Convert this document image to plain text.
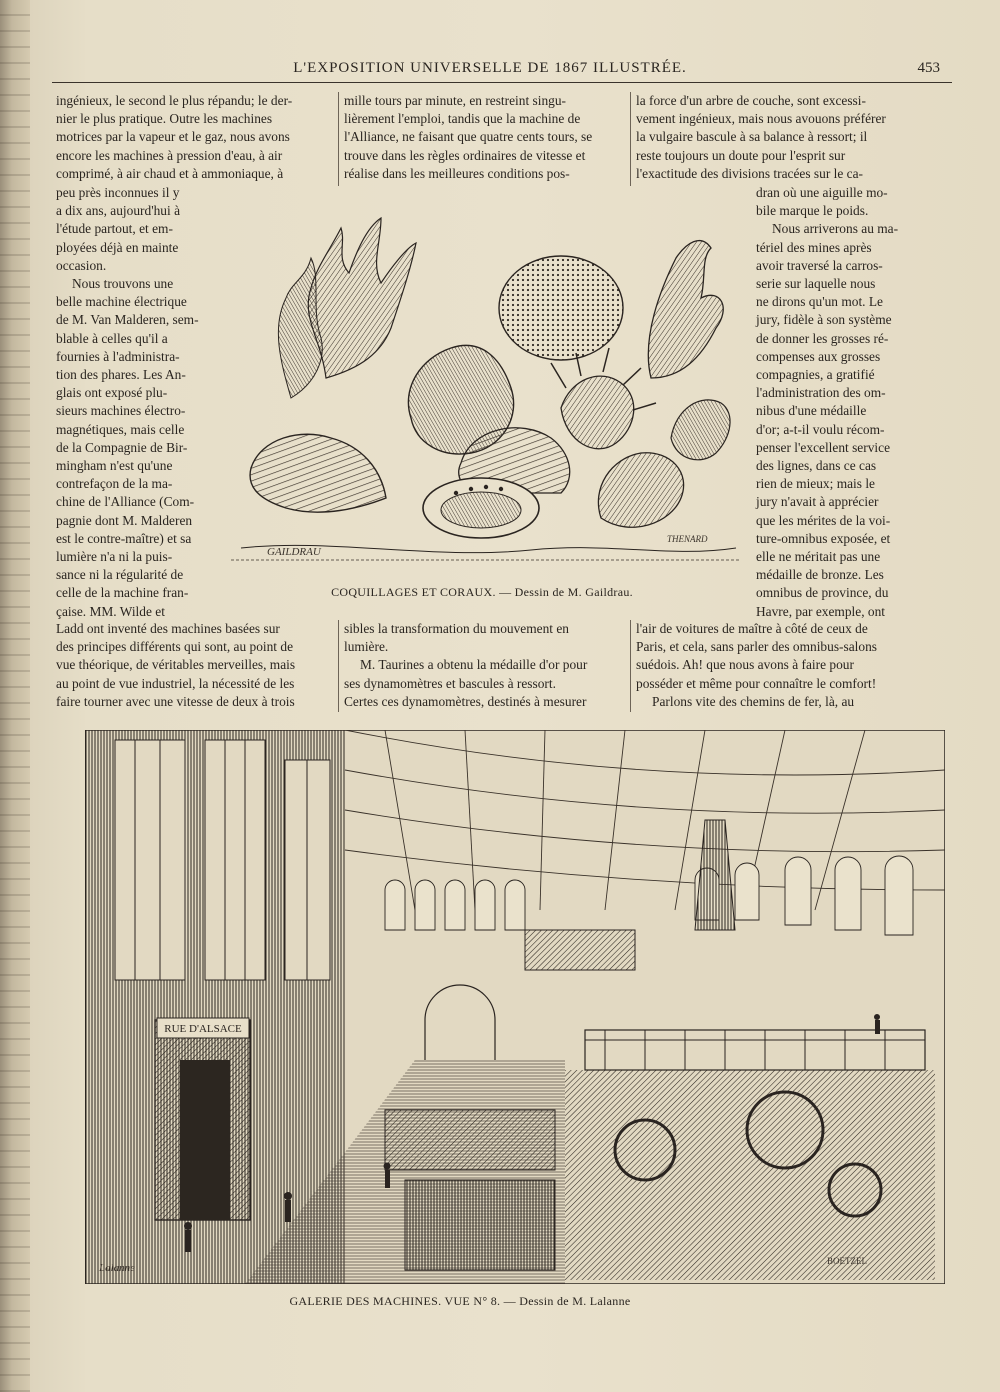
L'EXPOSITION UNIVERSELLE DE 1867 ILLUSTRÉE.	453

ingénieux, le second le plus répandu; le der-

nier le plus pratique. Outre les machines

motrices par la vapeur et le gaz, nous avons

encore les machines à pression d'eau, à air

comprimé, à air chaud et à ammoniaque, à

peu près inconnues il y

a dix ans, aujourd'hui à

l'étude partout, et em-

ployées déjà en mainte

occasion.

Nous trouvons une

belle machine électrique

de M. Van Malderen, sem-

blable à celles qu'il a

fournies à l'administra-

tion des phares. Les An-

glais ont exposé plu-

sieurs machines électro-

magnétiques, mais celle

de la Compagnie de Bir-

mingham n'est qu'une

contrefaçon de la ma-

chine de l'Alliance (Com-

pagnie dont M. Malderen

est le contre-maître) et sa

lumière n'a ni la puis-

sance ni la régularité de

celle de la machine fran-

çaise. MM. Wilde et

Ladd ont inventé des machines basées sur

des principes différents qui sont, au point de

vue théorique, de véritables merveilles, mais

au point de vue industriel, la nécessité de les

faire tourner avec une vitesse de deux à trois

mille tours par minute, en restreint singu-

lièrement l'emploi, tandis que la machine de

l'Alliance, ne faisant que quatre cents tours, se

trouve dans les règles ordinaires de vitesse et

réalise dans les meilleures conditions pos-

sibles la transformation du mouvement en

lumière.

M. Taurines a obtenu la médaille d'or pour

ses dynamomètres et bascules à ressort.

Certes ces dynamomètres, destinés à mesurer

la force d'un arbre de couche, sont excessi-

vement ingénieux, mais nous avouons préférer

la vulgaire bascule à sa balance à ressort; il

reste toujours un doute pour l'esprit sur

l'exactitude des divisions tracées sur le ca-

dran où une aiguille mo-

bile marque le poids.

Nous arriverons au ma-

tériel des mines après

avoir traversé la carros-

serie sur laquelle nous

ne dirons qu'un mot. Le

jury, fidèle à son système

de donner les grosses ré-

compenses aux grosses

compagnies, a gratifié

l'administration des om-

nibus d'une médaille

d'or; a-t-il voulu récom-

penser l'excellent service

des lignes, dans ce cas

rien de mieux; mais le

jury n'avait à apprécier

que les mérites de la voi-

ture-omnibus exposée, et

elle ne méritait pas une

médaille de bronze. Les

omnibus de province, du

Havre, par exemple, ont

l'air de voitures de maître à côté de ceux de

Paris, et cela, sans parler des omnibus-salons

suédois. Ah! que nous avons à faire pour

posséder et même pour connaître le comfort!

Parlons vite des chemins de fer, là, au

GAILDRAU
THENARD
COQUILLAGES ET CORAUX. — Dessin de M. Gaildrau.
RUE D'ALSACE
Lalanne
BOETZEL
GALERIE DES MACHINES. VUE N° 8. — Dessin de M. Lalanne
